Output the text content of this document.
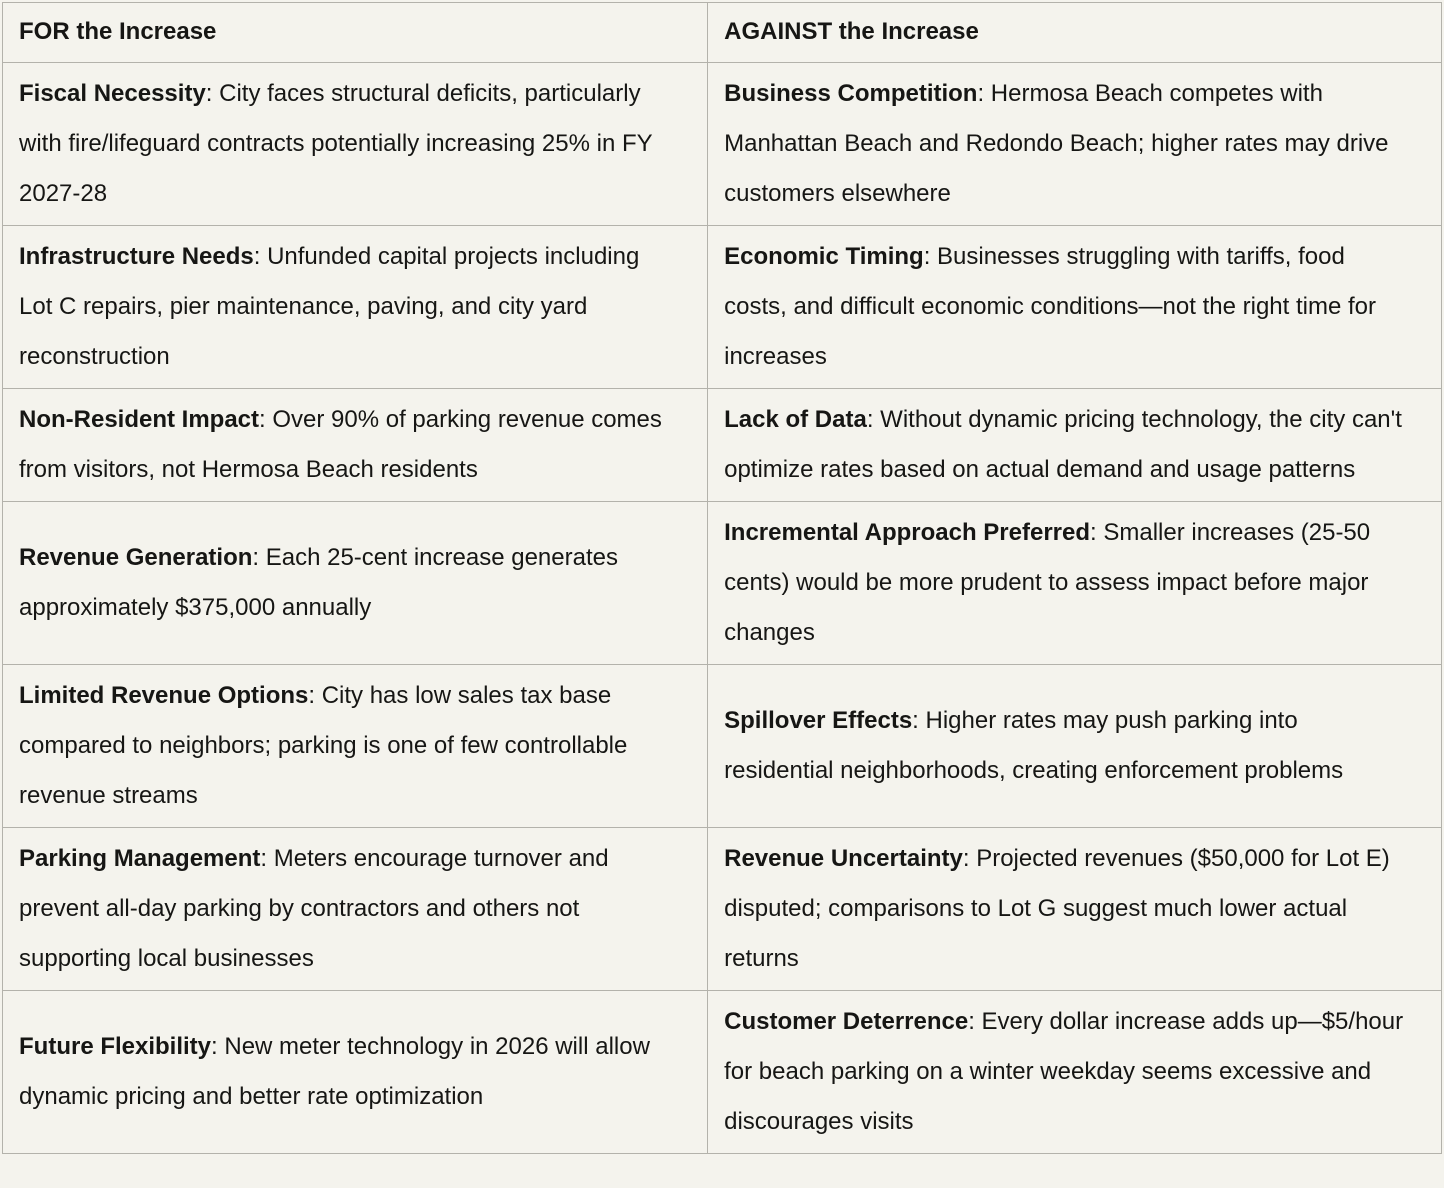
FOR the Increase	AGAINST the Increase
Fiscal Necessity: City faces structural deficits, particularly with fire/lifeguard contracts potentially increasing 25% in FY 2027-28	Business Competition: Hermosa Beach competes with Manhattan Beach and Redondo Beach; higher rates may drive customers elsewhere
Infrastructure Needs: Unfunded capital projects including Lot C repairs, pier maintenance, paving, and city yard reconstruction	Economic Timing: Businesses struggling with tariffs, food costs, and difficult economic conditions—not the right time for increases
Non-Resident Impact: Over 90% of parking revenue comes from visitors, not Hermosa Beach residents	Lack of Data: Without dynamic pricing technology, the city can't optimize rates based on actual demand and usage patterns
Revenue Generation: Each 25-cent increase generates approximately $375,000 annually	Incremental Approach Preferred: Smaller increases (25-50 cents) would be more prudent to assess impact before major changes
Limited Revenue Options: City has low sales tax base compared to neighbors; parking is one of few controllable revenue streams	Spillover Effects: Higher rates may push parking into residential neighborhoods, creating enforcement problems
Parking Management: Meters encourage turnover and prevent all-day parking by contractors and others not supporting local businesses	Revenue Uncertainty: Projected revenues ($50,000 for Lot E) disputed; comparisons to Lot G suggest much lower actual returns
Future Flexibility: New meter technology in 2026 will allow dynamic pricing and better rate optimization	Customer Deterrence: Every dollar increase adds up—$5/hour for beach parking on a winter weekday seems excessive and discourages visits
